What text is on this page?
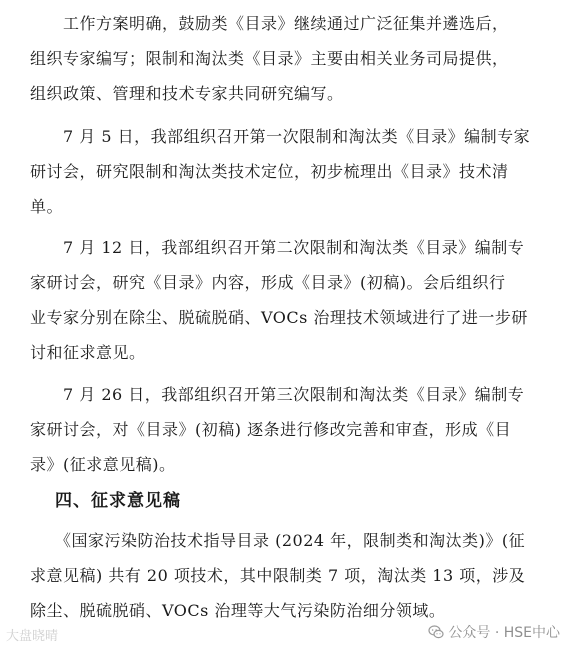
　　工作方案明确，鼓励类《目录》继续通过广泛征集并遴选后，
组织专家编写；限制和淘汰类《目录》主要由相关业务司局提供，
组织政策、管理和技术专家共同研究编写。

　　7 月 5 日，我部组织召开第一次限制和淘汰类《目录》编制专家
研讨会，研究限制和淘汰类技术定位，初步梳理出《目录》技术清
单。

　　7 月 12 日，我部组织召开第二次限制和淘汰类《目录》编制专
家研讨会，研究《目录》内容，形成《目录》(初稿)。会后组织行
业专家分别在除尘、脱硫脱硝、VOCs 治理技术领域进行了进一步研
讨和征求意见。

　　7 月 26 日，我部组织召开第三次限制和淘汰类《目录》编制专
家研讨会，对《目录》(初稿) 逐条进行修改完善和审查，形成《目
录》(征求意见稿)。

四、征求意见稿

　　《国家污染防治技术指导目录 (2024 年，限制类和淘汰类)》(征
求意见稿) 共有 20 项技术，其中限制类 7 项，淘汰类 13 项，涉及
除尘、脱硫脱硝、VOCs 治理等大气污染防治细分领域。

大盘晓晴	公众号 · HSE中心
